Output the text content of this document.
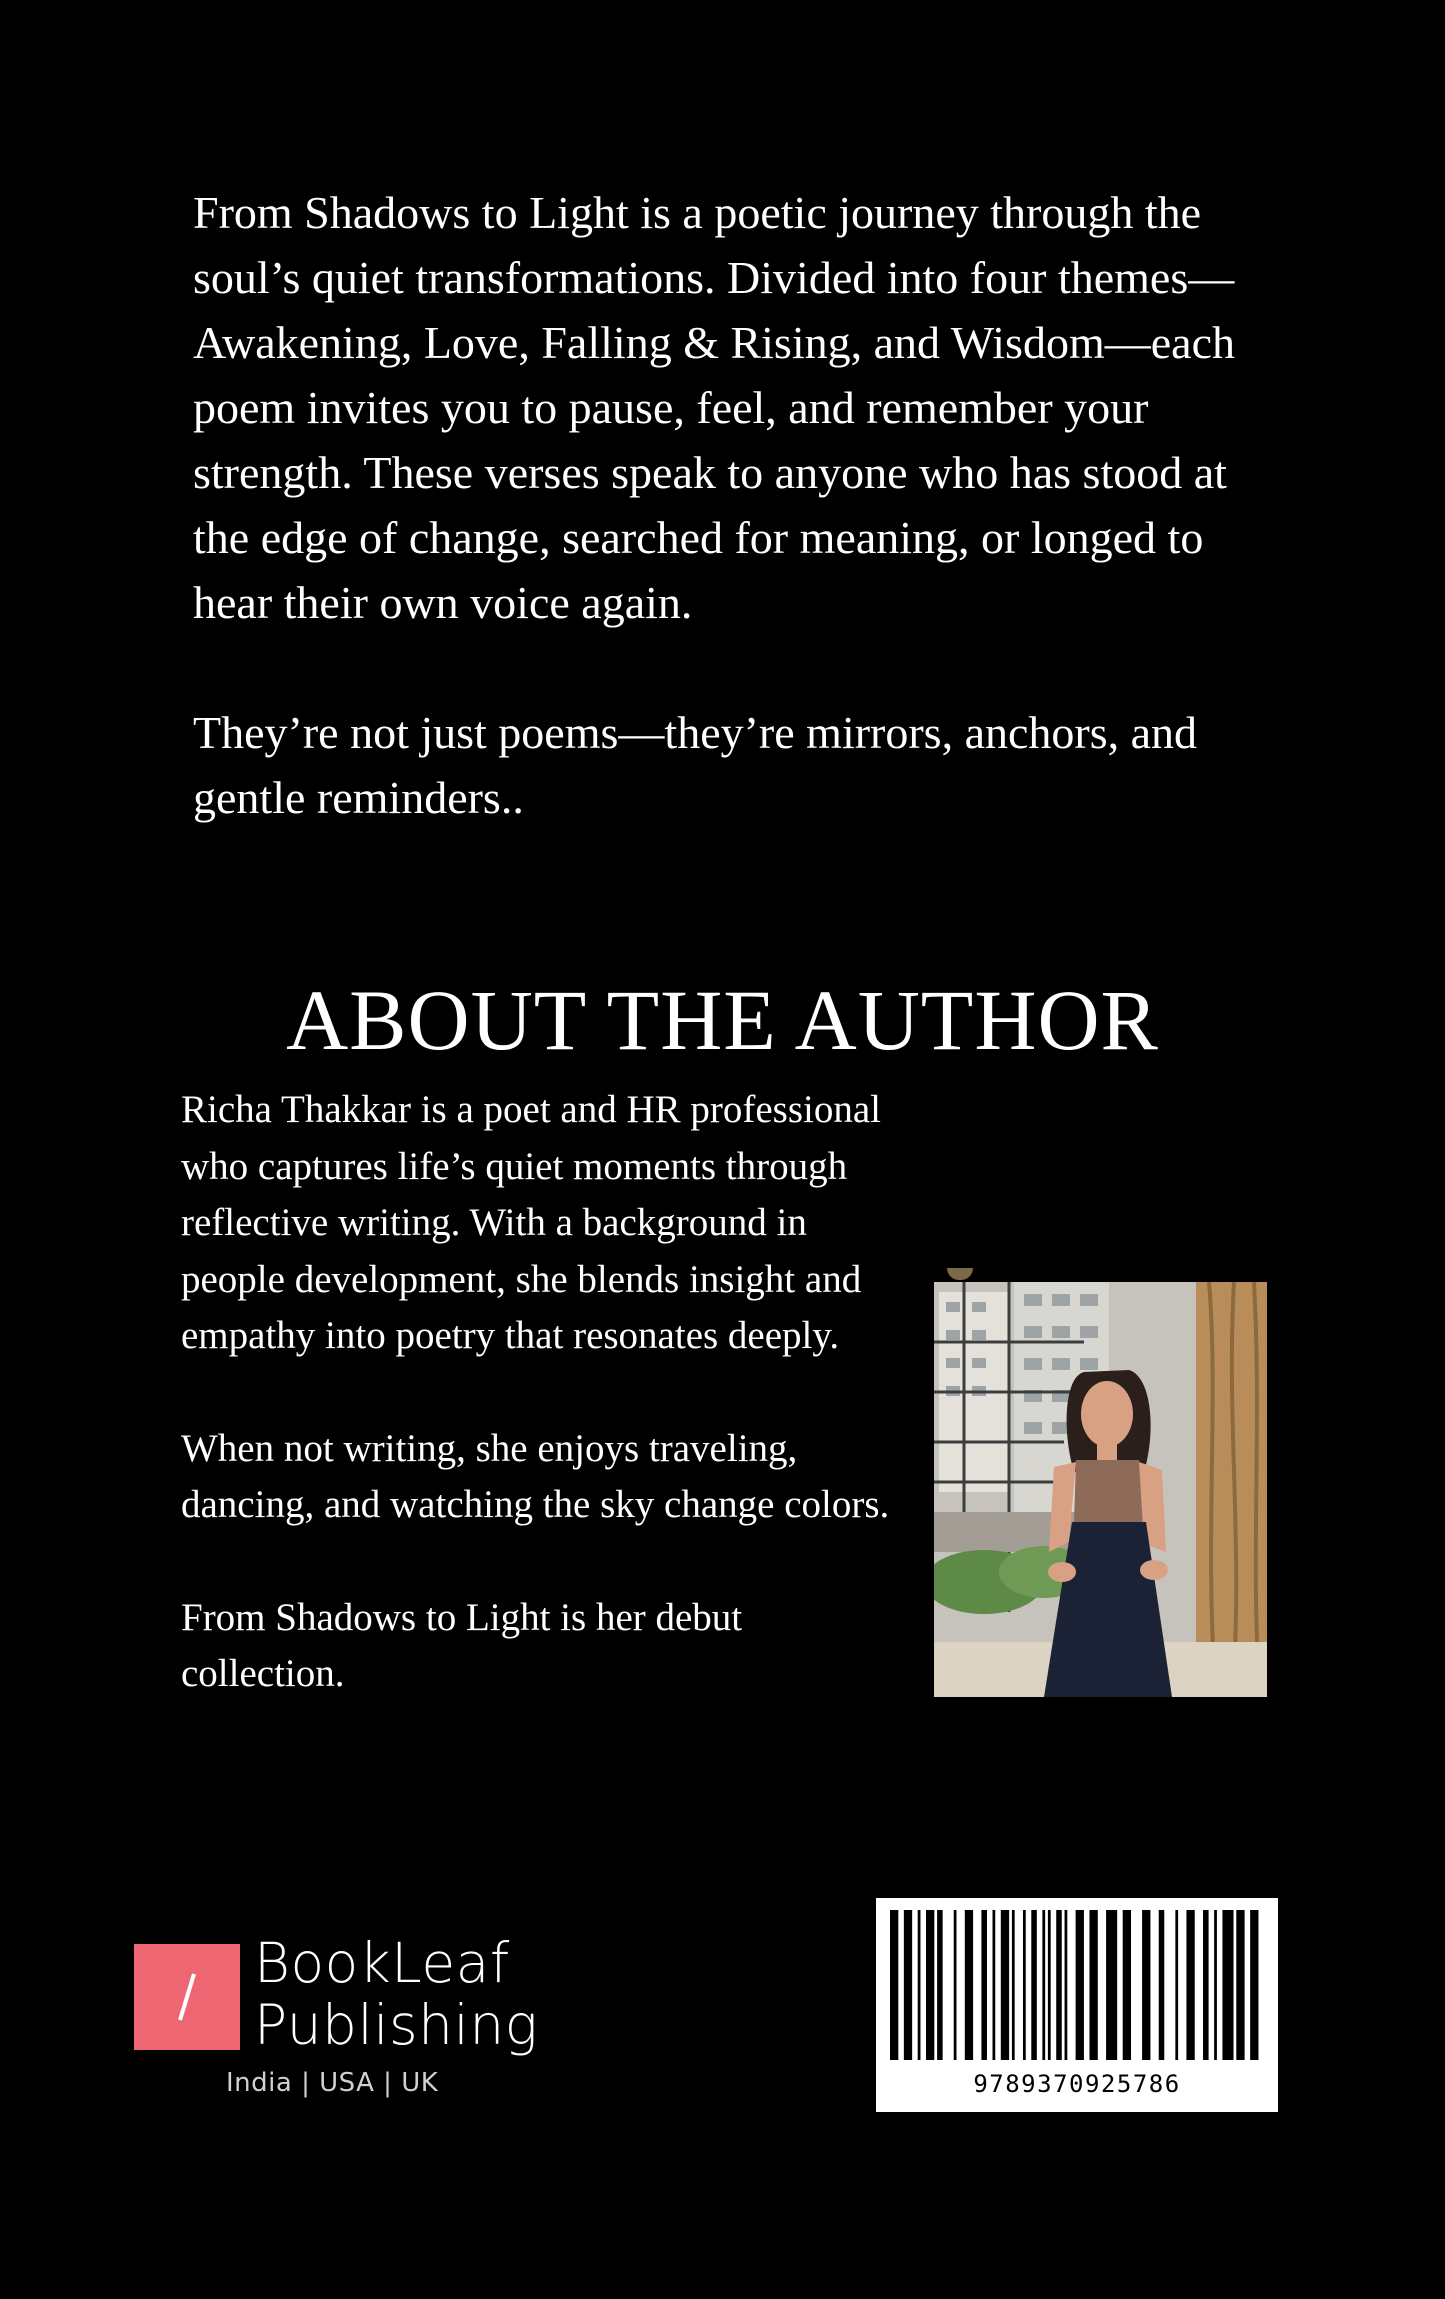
From Shadows to Light is a poetic journey through the soul’s quiet transformations. Divided into four themes—Awakening, Love, Falling & Rising, and Wisdom—each poem invites you to pause, feel, and remember your strength. These verses speak to anyone who has stood at the edge of change, searched for meaning, or longed to hear their own voice again.

They’re not just poems—they’re mirrors, anchors, and gentle reminders..

ABOUT THE AUTHOR

Richa Thakkar is a poet and HR professional who captures life’s quiet moments through reflective writing. With a background in people development, she blends insight and empathy into poetry that resonates deeply.

When not writing, she enjoys traveling, dancing, and watching the sky change colors.

From Shadows to Light is her debut collection.

BookLeaf
Publishing
India | USA | UK	9789370925786
